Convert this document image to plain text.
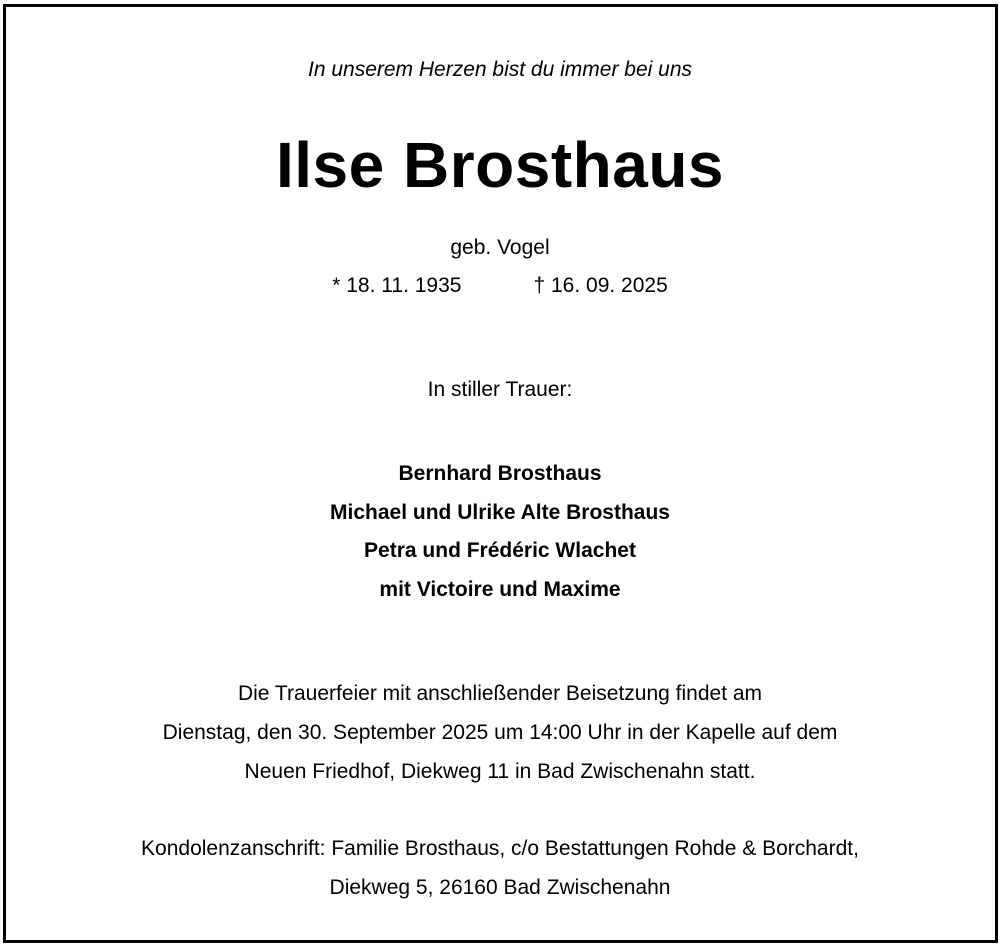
In unserem Herzen bist du immer bei uns
Ilse Brosthaus
geb. Vogel
* 18. 11. 1935	† 16. 09. 2025
In stiller Trauer:
Bernhard Brosthaus
Michael und Ulrike Alte Brosthaus
Petra und Frédéric Wlachet
mit Victoire und Maxime
Die Trauerfeier mit anschließender Beisetzung findet am
Dienstag, den 30. September 2025 um 14:00 Uhr in der Kapelle auf dem
Neuen Friedhof, Diekweg 11 in Bad Zwischenahn statt.
Kondolenzanschrift: Familie Brosthaus, c/o Bestattungen Rohde & Borchardt,
Diekweg 5, 26160 Bad Zwischenahn
